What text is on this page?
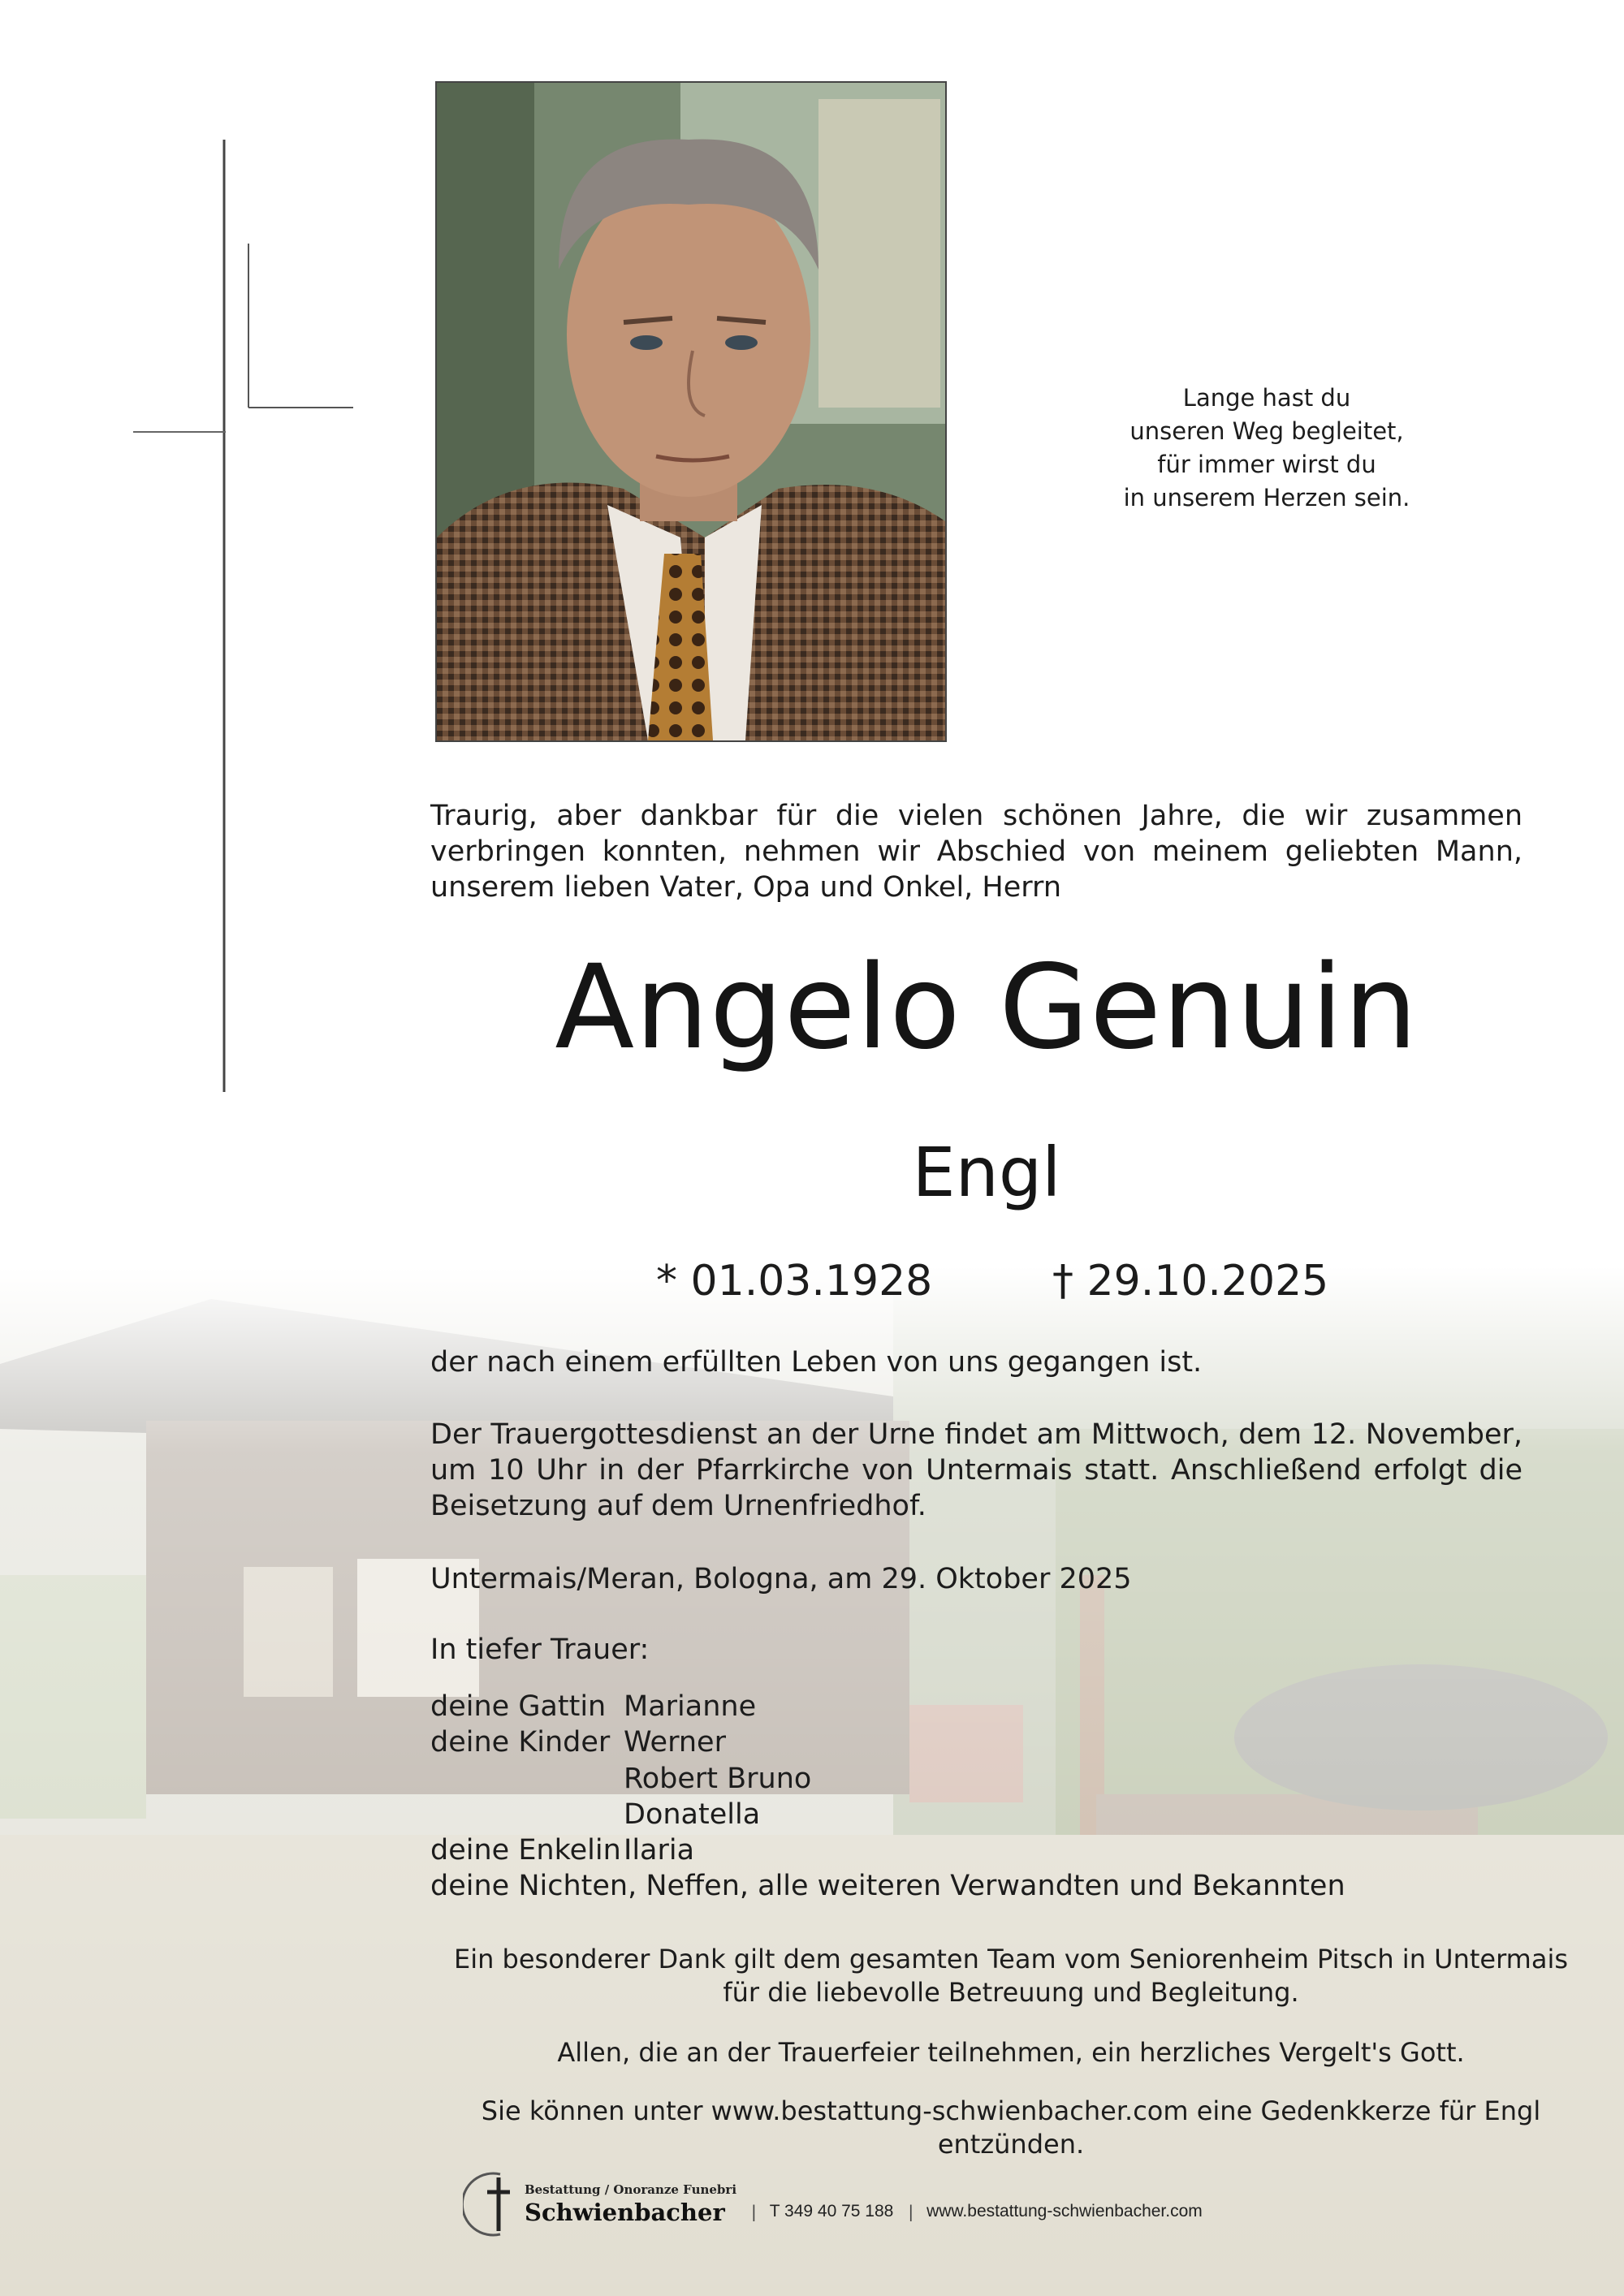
Lange hast du
unseren Weg begleitet,
für immer wirst du
in unserem Herzen sein.
Traurig, aber dankbar für die vielen schönen Jahre, die wir zusammen verbringen konnten, nehmen wir Abschied von meinem geliebten Mann, unserem lieben Vater, Opa und Onkel, Herrn
Angelo Genuin
Engl
* 01.03.1928	† 29.10.2025
der nach einem erfüllten Leben von uns gegangen ist.
Der Trauergottesdienst an der Urne findet am Mittwoch, dem 12. November, um 10 Uhr in der Pfarrkirche von Untermais statt. Anschließend erfolgt die Beisetzung auf dem Urnenfriedhof.
Untermais/Meran, Bologna, am 29. Oktober 2025
In tiefer Trauer:
deine Gattin Marianne
deine Kinder Werner
Robert Bruno
Donatella
deine Enkelin Ilaria
deine Nichten, Neffen, alle weiteren Verwandten und Bekannten
Ein besonderer Dank gilt dem gesamten Team vom Seniorenheim Pitsch in Untermais
für die liebevolle Betreuung und Begleitung.
Allen, die an der Trauerfeier teilnehmen, ein herzliches Vergelt's Gott.
Sie können unter www.bestattung-schwienbacher.com eine Gedenkkerze für Engl entzünden.
Bestattung / Onoranze Funebri
Schwienbacher	| T 349 40 75 188 | www.bestattung-schwienbacher.com
